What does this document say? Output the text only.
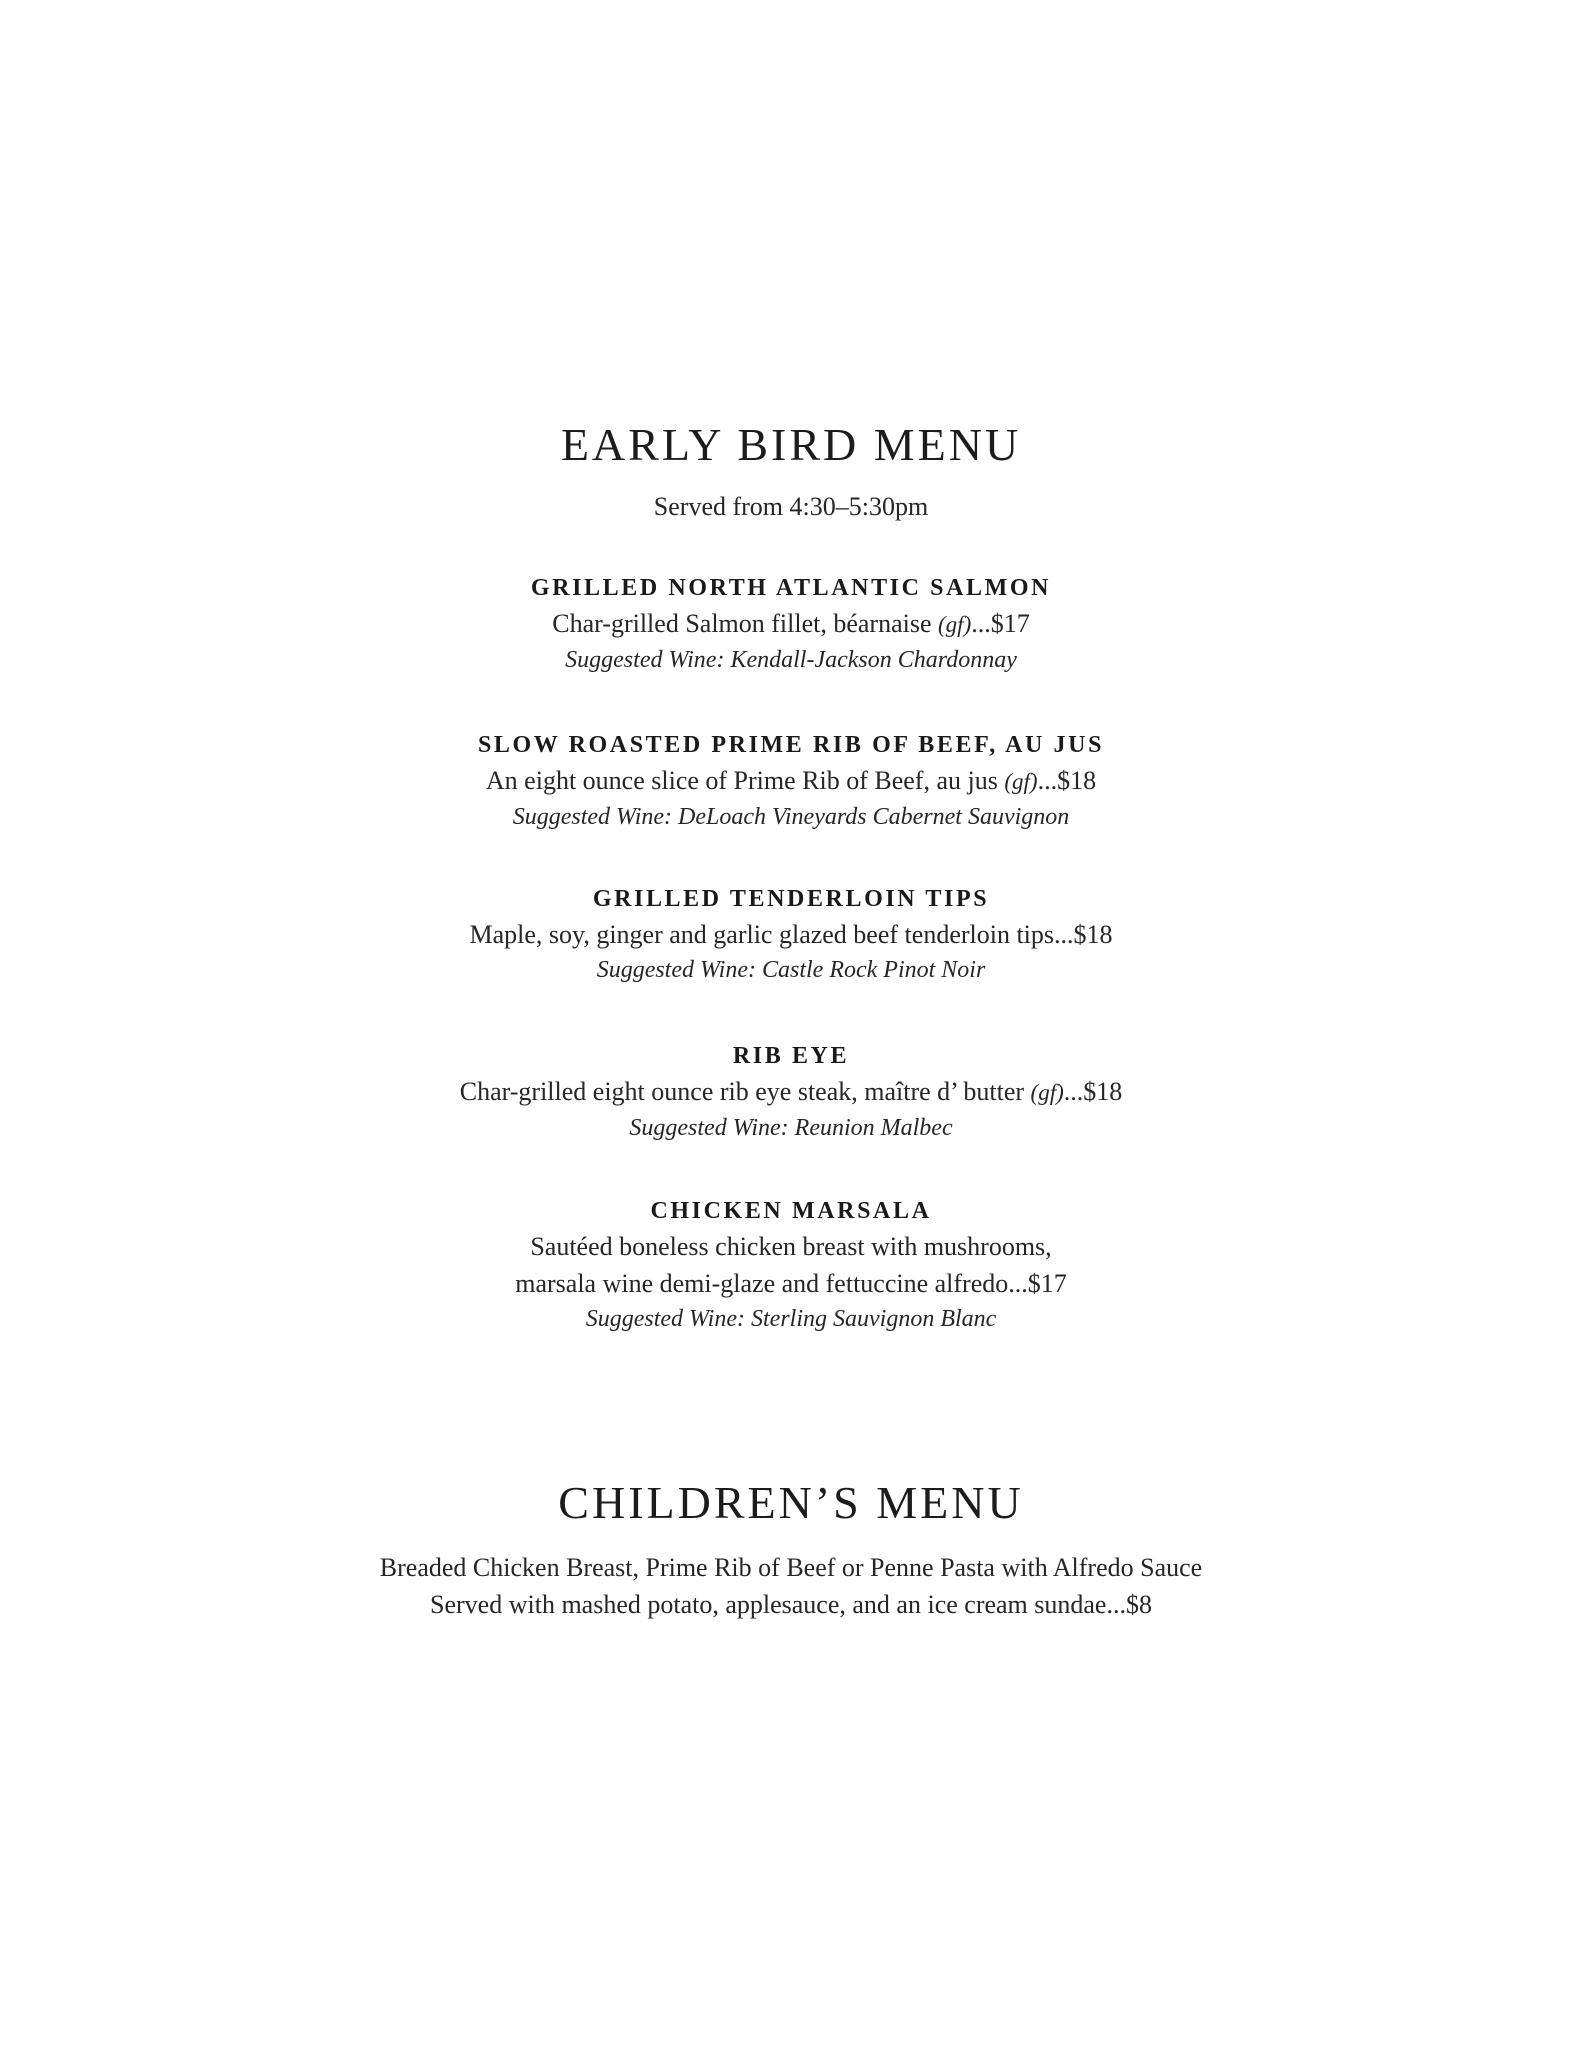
EARLY BIRD MENU
Served from 4:30–5:30pm
GRILLED NORTH ATLANTIC SALMON
Char-grilled Salmon fillet, béarnaise (gf)...$17
Suggested Wine: Kendall-Jackson Chardonnay
SLOW ROASTED PRIME RIB OF BEEF, AU JUS
An eight ounce slice of Prime Rib of Beef, au jus (gf)...$18
Suggested Wine: DeLoach Vineyards Cabernet Sauvignon
GRILLED TENDERLOIN TIPS
Maple, soy, ginger and garlic glazed beef tenderloin tips...$18
Suggested Wine: Castle Rock Pinot Noir
RIB EYE
Char-grilled eight ounce rib eye steak, maître d’ butter (gf)...$18
Suggested Wine: Reunion Malbec
CHICKEN MARSALA
Sautéed boneless chicken breast with mushrooms,
marsala wine demi-glaze and fettuccine alfredo...$17
Suggested Wine: Sterling Sauvignon Blanc
CHILDREN’S MENU
Breaded Chicken Breast, Prime Rib of Beef or Penne Pasta with Alfredo Sauce
Served with mashed potato, applesauce, and an ice cream sundae...$8
